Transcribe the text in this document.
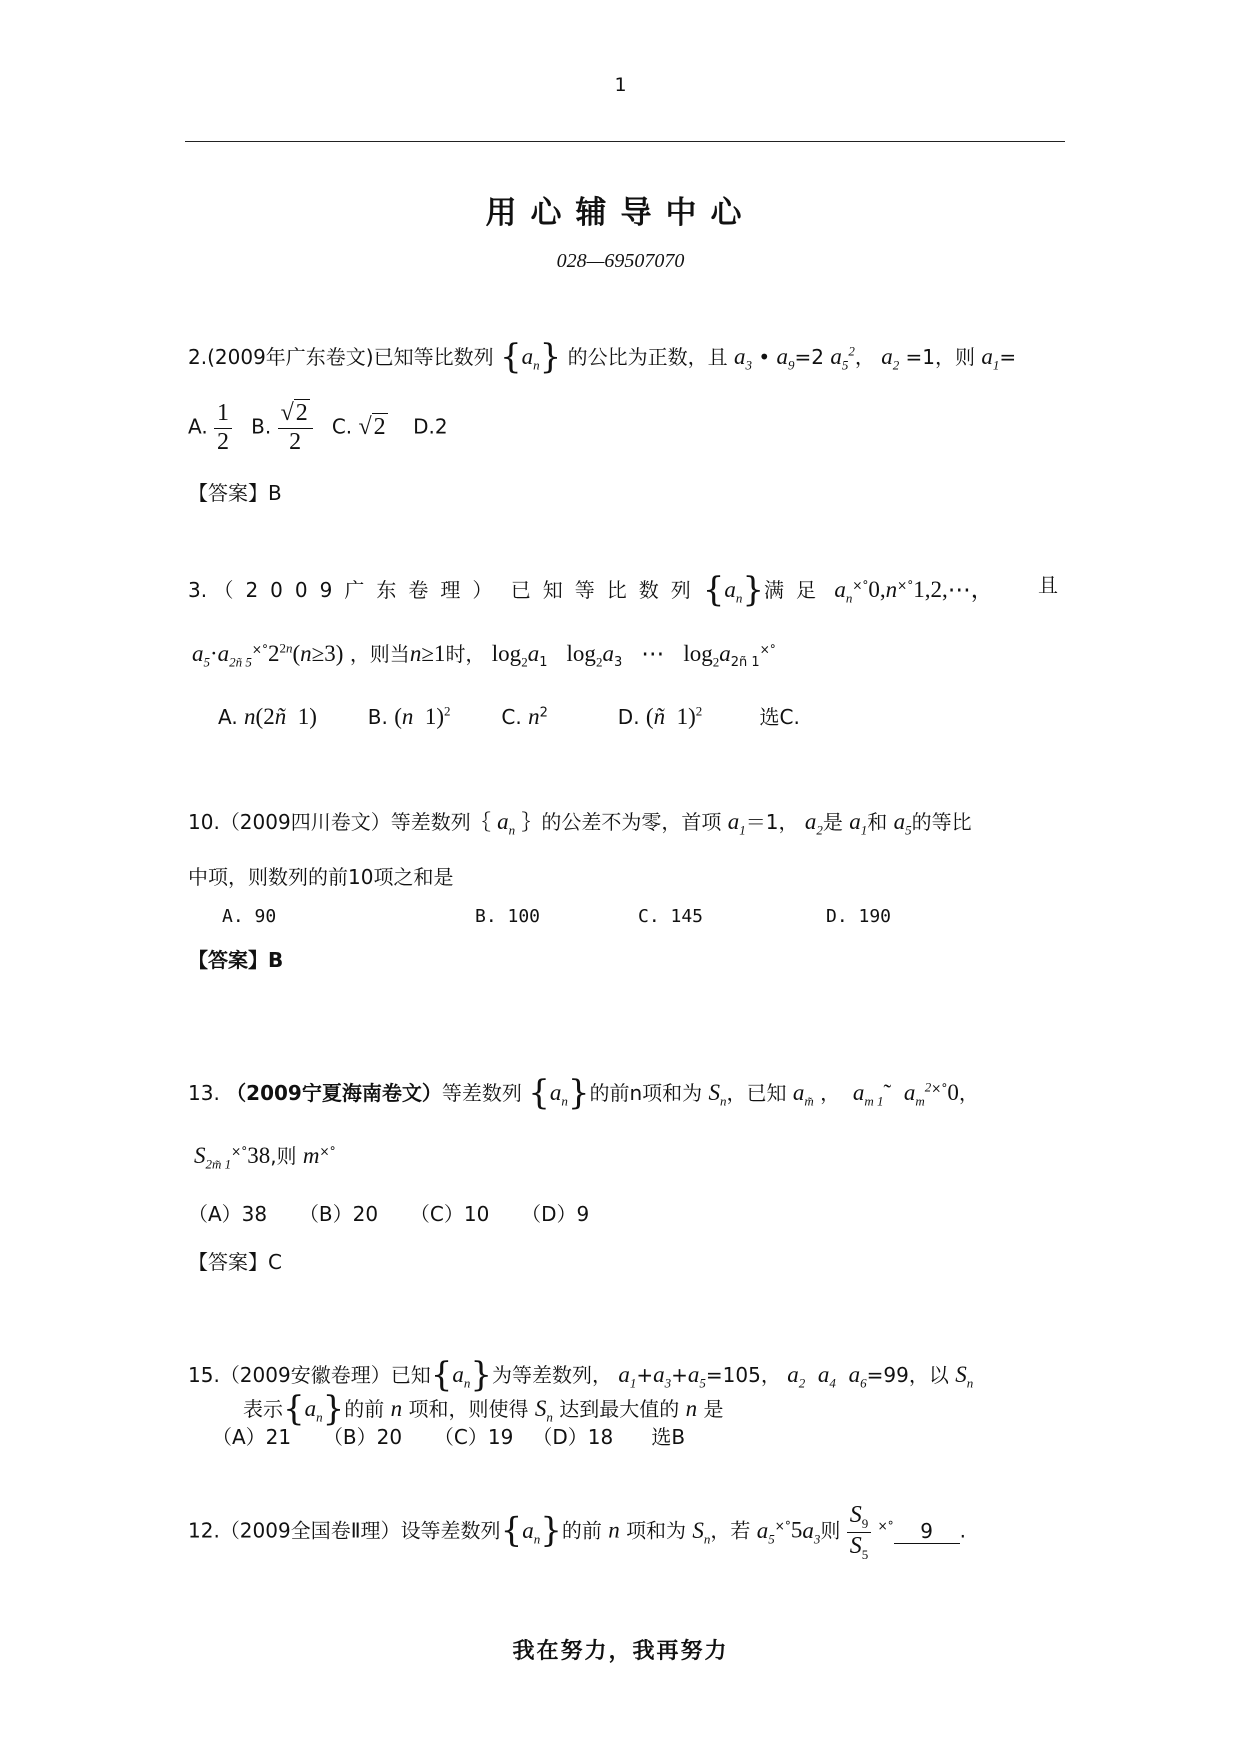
1
用心辅导中心
028—69507070
2.(2009年广东卷文)已知等比数列 $\{a_n\}$ 的公比为正数，且 $a_3$ • $a_9=2$ $a_5^2$， $a_2 =1$，则 $a_1=$
A. $\frac{1}{2} B$. $\frac{√2}{2} C$. √2 D.2
【答案】B
3. （2009广东卷理） 已知等比数列$\{a_n\}$满足 $a_n^{\times^\circ}0,n^{\times^\circ}1,2,\cdots$， 且
$a_5\cdot a_{2ñ 5}^{\times^\circ}2^{2n}(n\ge 3)$ ，则当n≥1时， $\log_2a_1$ $\log_2a_3$ ⋯ $\log_2a_{2ñ 1}^{\times^\circ}$
A. n(2ñ  1)	B. (n  1)$^2$	C. $n^2$	D. (ñ  1)$^2$	选C.
10.（2009四川卷文）等差数列｛ $a_n$ ｝的公差不为零，首项 $a_1=1$， $a_2$是 $a_1$和 $a_5$的等比
中项，则数列的前10项之和是
A. 90	B. 100	C. 145	D. 190
【答案】B
13. （2009宁夏海南卷文）等差数列 $\{a_n\}$的前n项和为 $S_n$，已知 $a_{m̃}$ ，  $a_{m 1}˜$ $a_m^{2\times^\circ}0$，
$S_{2m̃ 1}^{\times^\circ}38$,则 m×°
（A）38 （B）20 （C）10 （D）9
【答案】C
15.（2009安徽卷理）已知$\{a_n\}$为等差数列， $a_1+a_3+a_5=105$， $a_2$ $a_4$ $a_6=99$，以 $S_n$
表示$\{a_n\}$的前 n 项和，则使得 $S_n$ 达到最大值的 n 是
（A）21 （B）20 （C）19 （D）18 选B
12.（2009全国卷Ⅱ理）设等差数列$\{a_n\}$的前 n 项和为 $S_n$，若 $a_5^{\times^\circ}5a_3$则 $\frac{S_9}{S_5} ^{\times^\circ}$ 9 .
我在努力，我再努力
